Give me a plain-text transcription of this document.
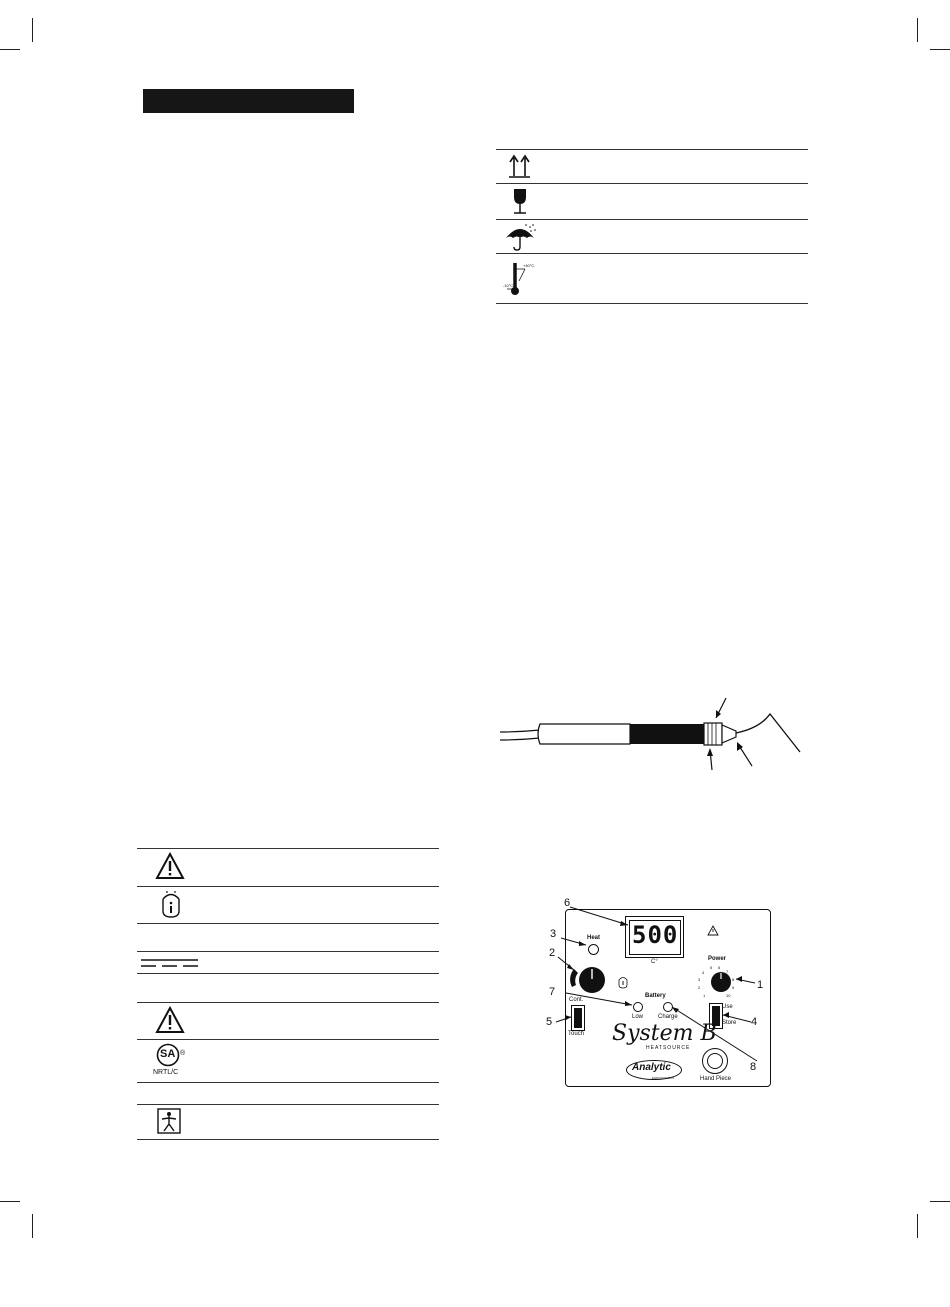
+40°C
-10°C
SA ®
NRTL/C
500
C°
Heat
Power
1
2
3
4
5 6
7
8
9
10
Battery
Low Charge
Cont.
Touch
Use
Store
System B
HEATSOURCE
Analytic
ENDODONTICS	Hand Piece
6
3
2
1
7
5	4
8
